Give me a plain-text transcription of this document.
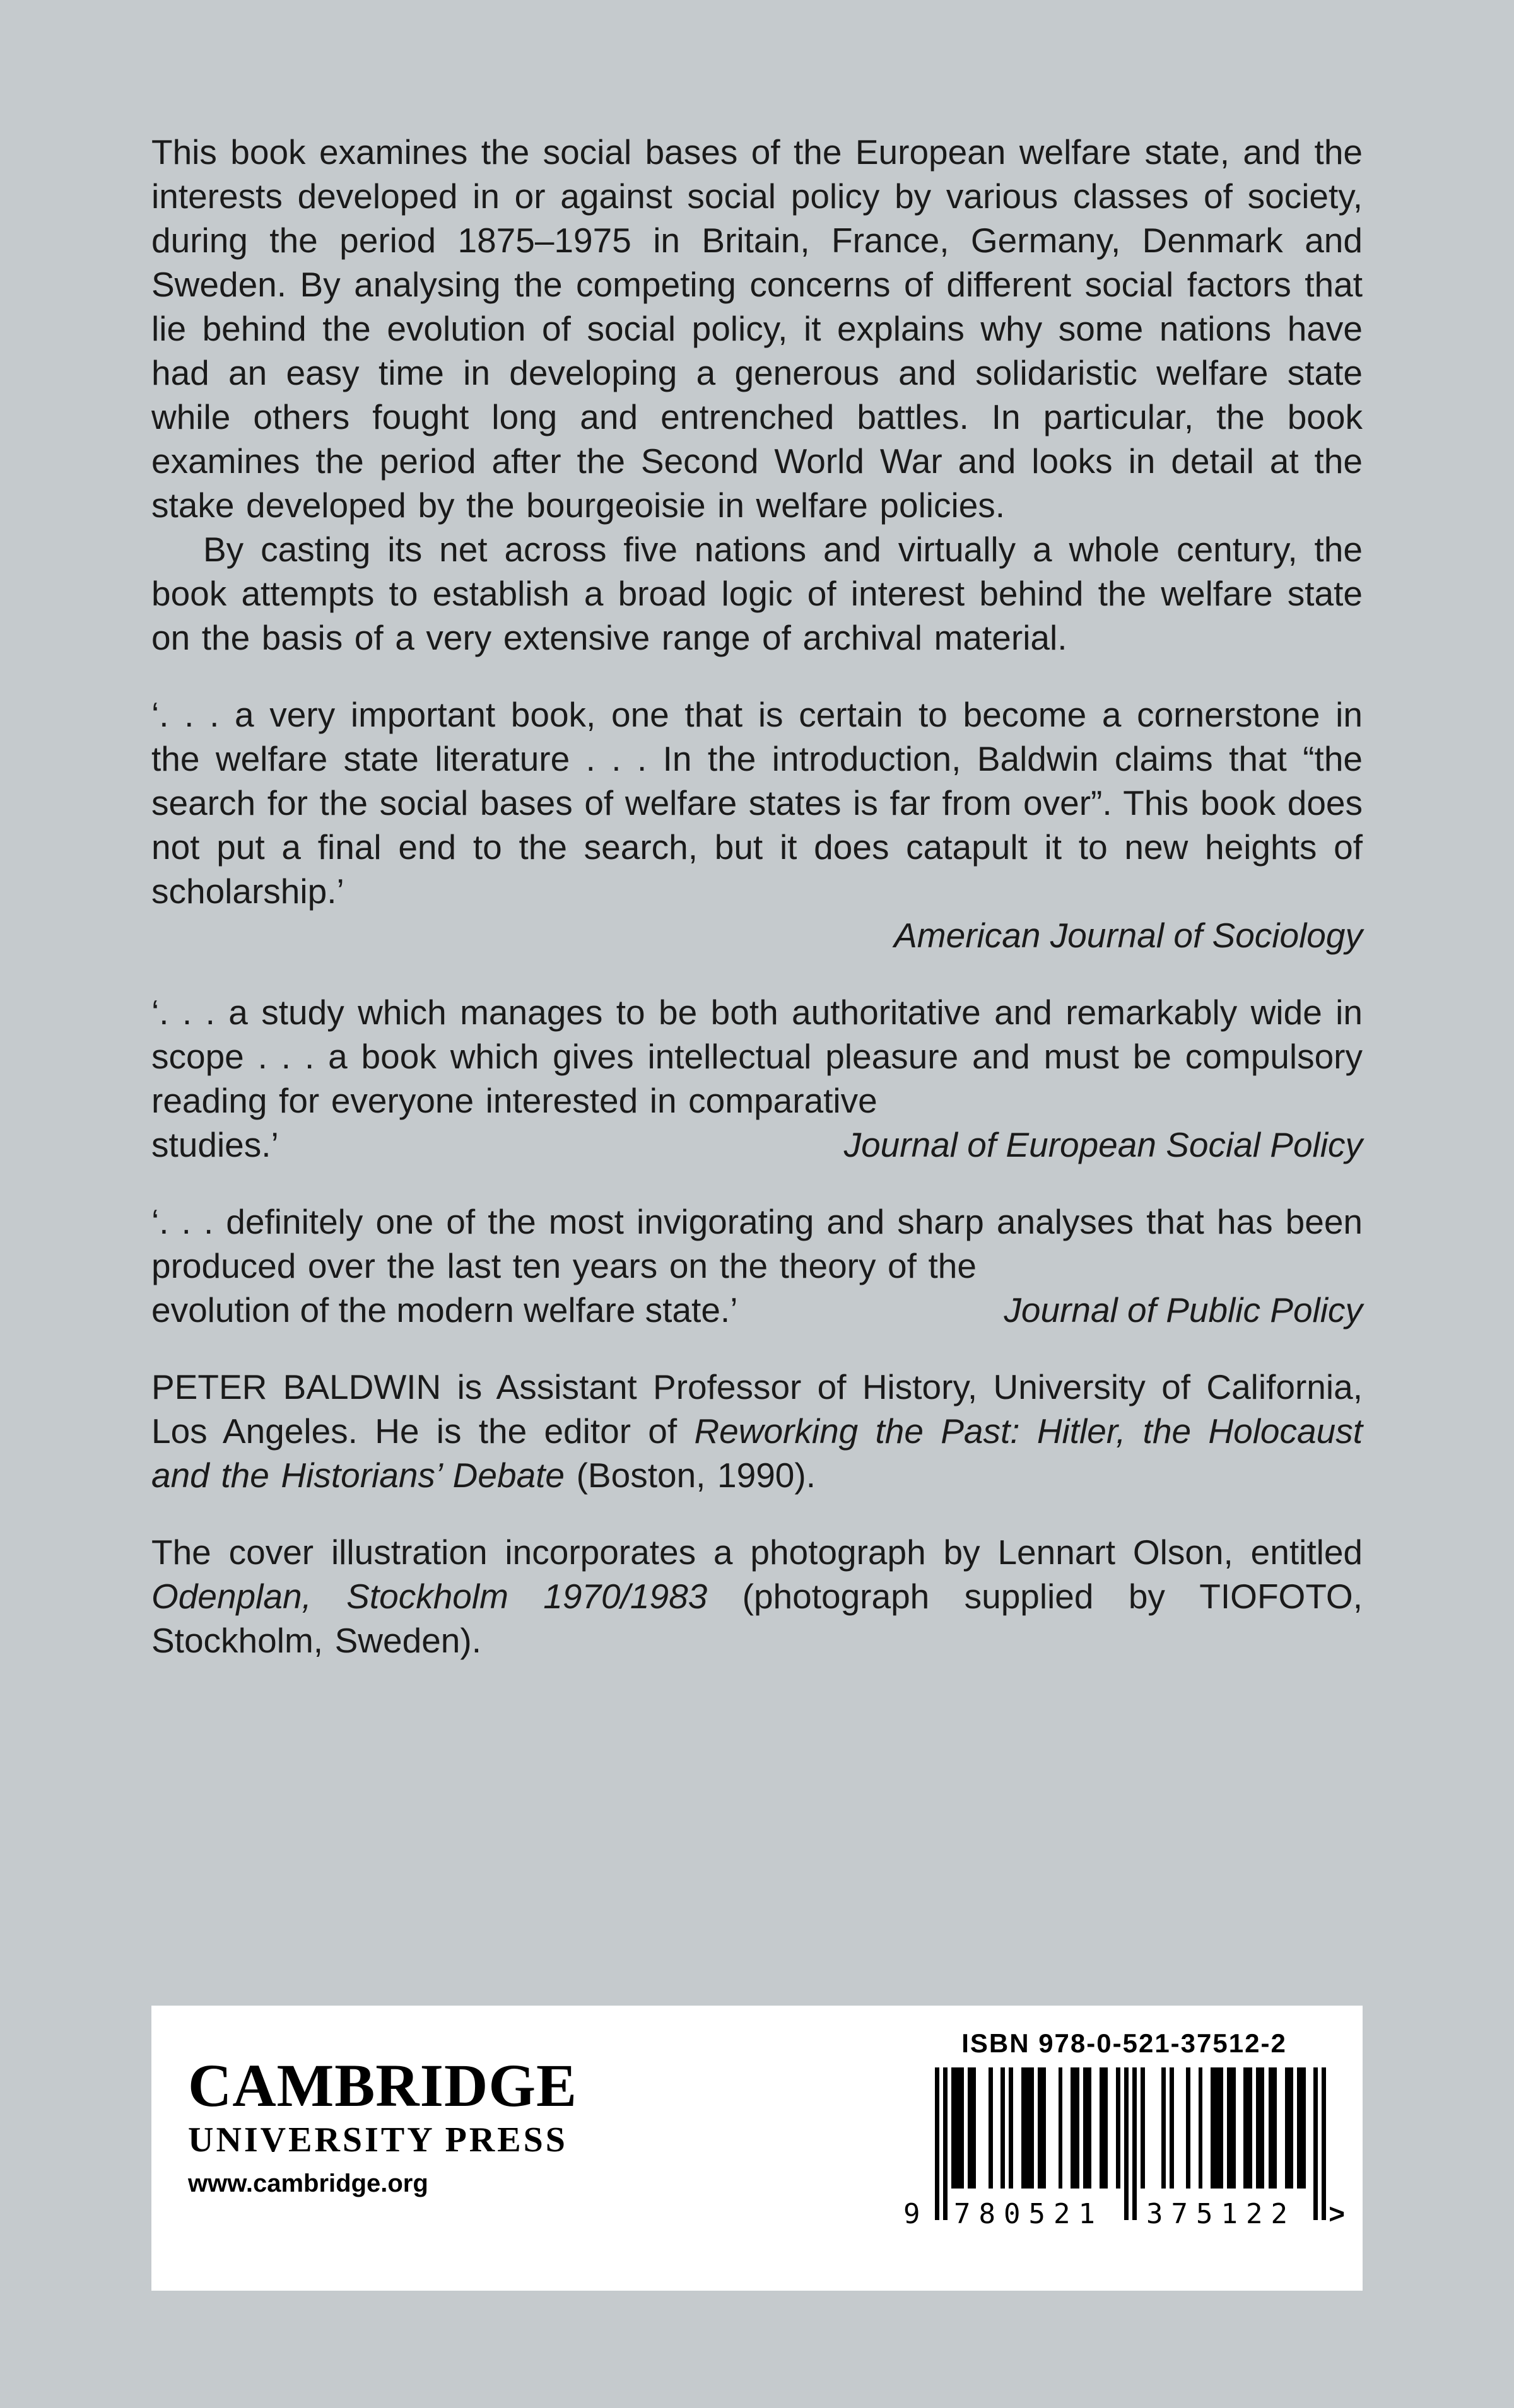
This book examines the social bases of the European welfare state, and the interests developed in or against social policy by various classes of society, during the period 1875–1975 in Britain, France, Germany, Denmark and Sweden. By analysing the competing concerns of different social factors that lie behind the evolution of social policy, it explains why some nations have had an easy time in developing a generous and solidaristic welfare state while others fought long and entrenched battles. In particular, the book examines the period after the Second World War and looks in detail at the stake developed by the bourgeoisie in welfare policies.

By casting its net across five nations and virtually a whole century, the book attempts to establish a broad logic of interest behind the welfare state on the basis of a very extensive range of archival material.

‘. . . a very important book, one that is certain to become a cornerstone in the welfare state literature . . . In the introduction, Baldwin claims that “the search for the social bases of welfare states is far from over”. This book does not put a final end to the search, but it does catapult it to new heights of scholarship.’

American Journal of Sociology

‘. . . a study which manages to be both authoritative and remarkably wide in scope . . . a book which gives intellectual pleasure and must be compulsory reading for everyone interested in comparative

studies.’	Journal of European Social Policy

‘. . . definitely one of the most invigorating and sharp analyses that has been produced over the last ten years on the theory of the

evolution of the modern welfare state.’	Journal of Public Policy

PETER BALDWIN is Assistant Professor of History, University of California, Los Angeles. He is the editor of Reworking the Past: Hitler, the Holocaust and the Historians’ Debate (Boston, 1990).

The cover illustration incorporates a photograph by Lennart Olson, entitled Odenplan, Stockholm 1970/1983 (photograph supplied by TIOFOTO, Stockholm, Sweden).

CAMBRIDGE
UNIVERSITY PRESS
www.cambridge.org
ISBN 978-0-521-37512-2
9	780521	375122	>
